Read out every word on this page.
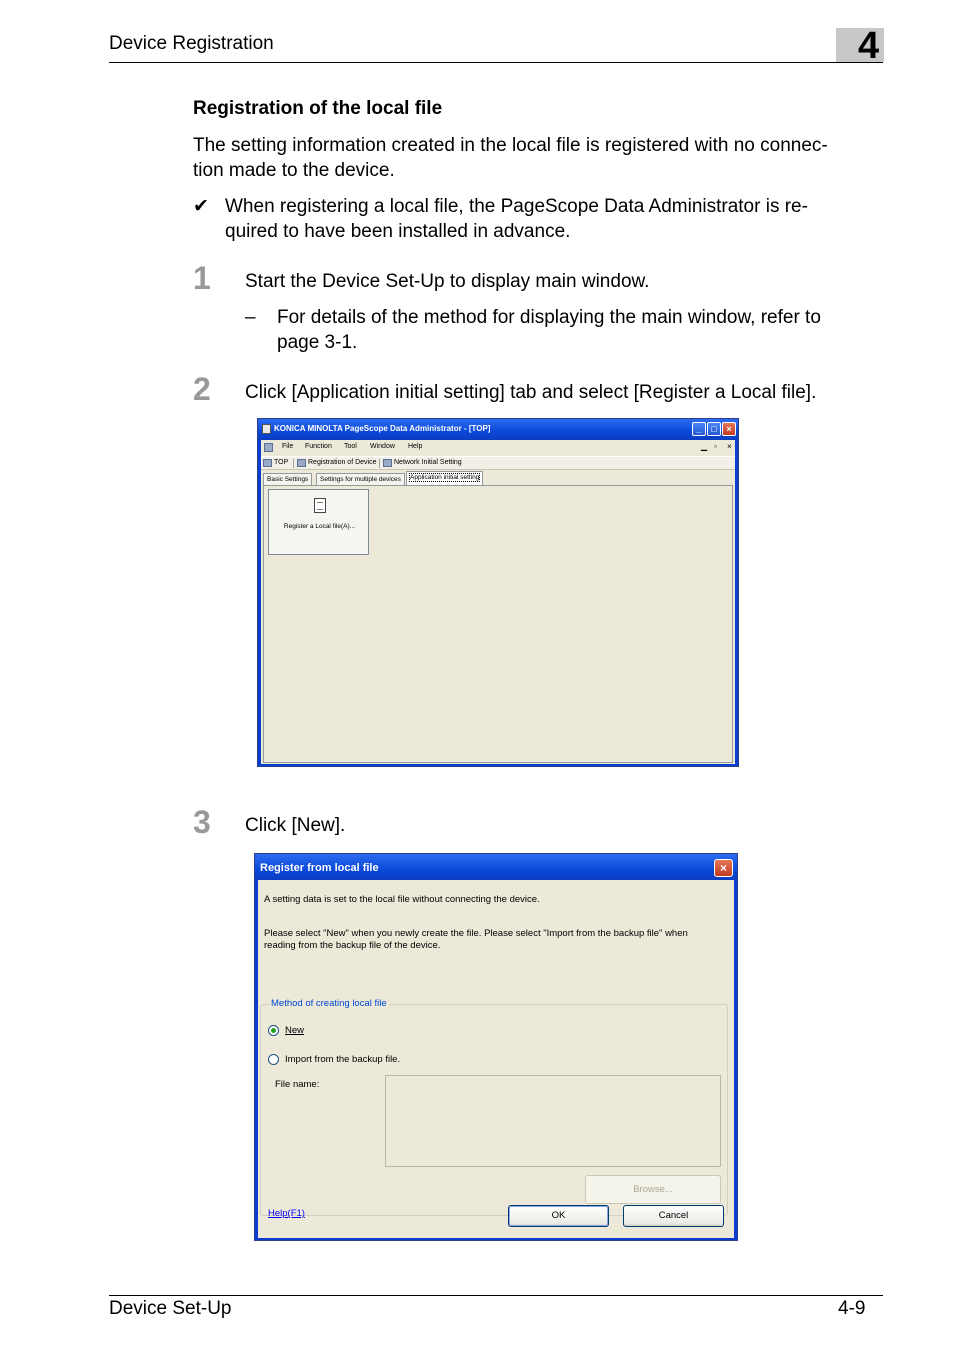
Device Registration	4
Registration of the local file
The setting information created in the local file is registered with no connec-
tion made to the device.
✔ When registering a local file, the PageScope Data Administrator is re-
quired to have been installed in advance.
1 Start the Device Set-Up to display main window.
– For details of the method for displaying the main window, refer to
page 3-1.
2 Click [Application initial setting] tab and select [Register a Local file].
KONICA MINOLTA PageScope Data Administrator - [TOP]	_	□	×
File Function Tool Window Help	▁ ▫ ×
TOP	Registration of Device	Network Initial Setting
Basic Settings	Settings for multiple devices	Application initial setting
Register a Local file(A)...
3 Click [New].
Register from local file	×
A setting data is set to the local file without connecting the device.
Please select "New" when you newly create the file. Please select "Import from the backup file" when
reading from the backup file of the device.
Method of creating local file
New
Import from the backup file.
File name:
Browse...
Help(F1)	OK	Cancel
Device Set-Up	4-9
